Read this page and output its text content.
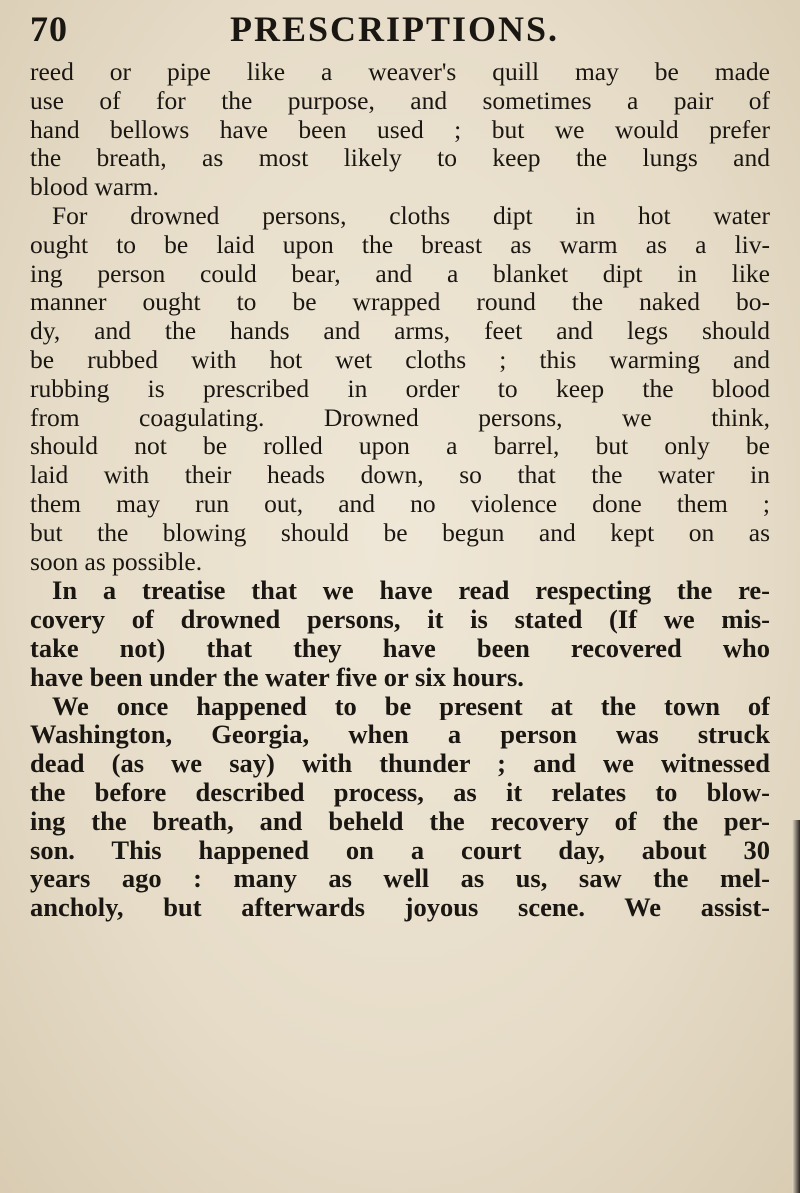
70	PRESCRIPTIONS.
reed or pipe like a weaver's quill may be made
use of for the purpose, and sometimes a pair of
hand bellows have been used ; but we would prefer
the breath, as most likely to keep the lungs and
blood warm.
For drowned persons, cloths dipt in hot water
ought to be laid upon the breast as warm as a liv-
ing person could bear, and a blanket dipt in like
manner ought to be wrapped round the naked bo-
dy, and the hands and arms, feet and legs should
be rubbed with hot wet cloths ; this warming and
rubbing is prescribed in order to keep the blood
from coagulating. Drowned persons, we think,
should not be rolled upon a barrel, but only be
laid with their heads down, so that the water in
them may run out, and no violence done them ;
but the blowing should be begun and kept on as
soon as possible.
In a treatise that we have read respecting the re-
covery of drowned persons, it is stated (If we mis-
take not) that they have been recovered who
have been under the water five or six hours.
We once happened to be present at the town of
Washington, Georgia, when a person was struck
dead (as we say) with thunder ; and we witnessed
the before described process, as it relates to blow-
ing the breath, and beheld the recovery of the per-
son. This happened on a court day, about 30
years ago : many as well as us, saw the mel-
ancholy, but afterwards joyous scene. We assist-
